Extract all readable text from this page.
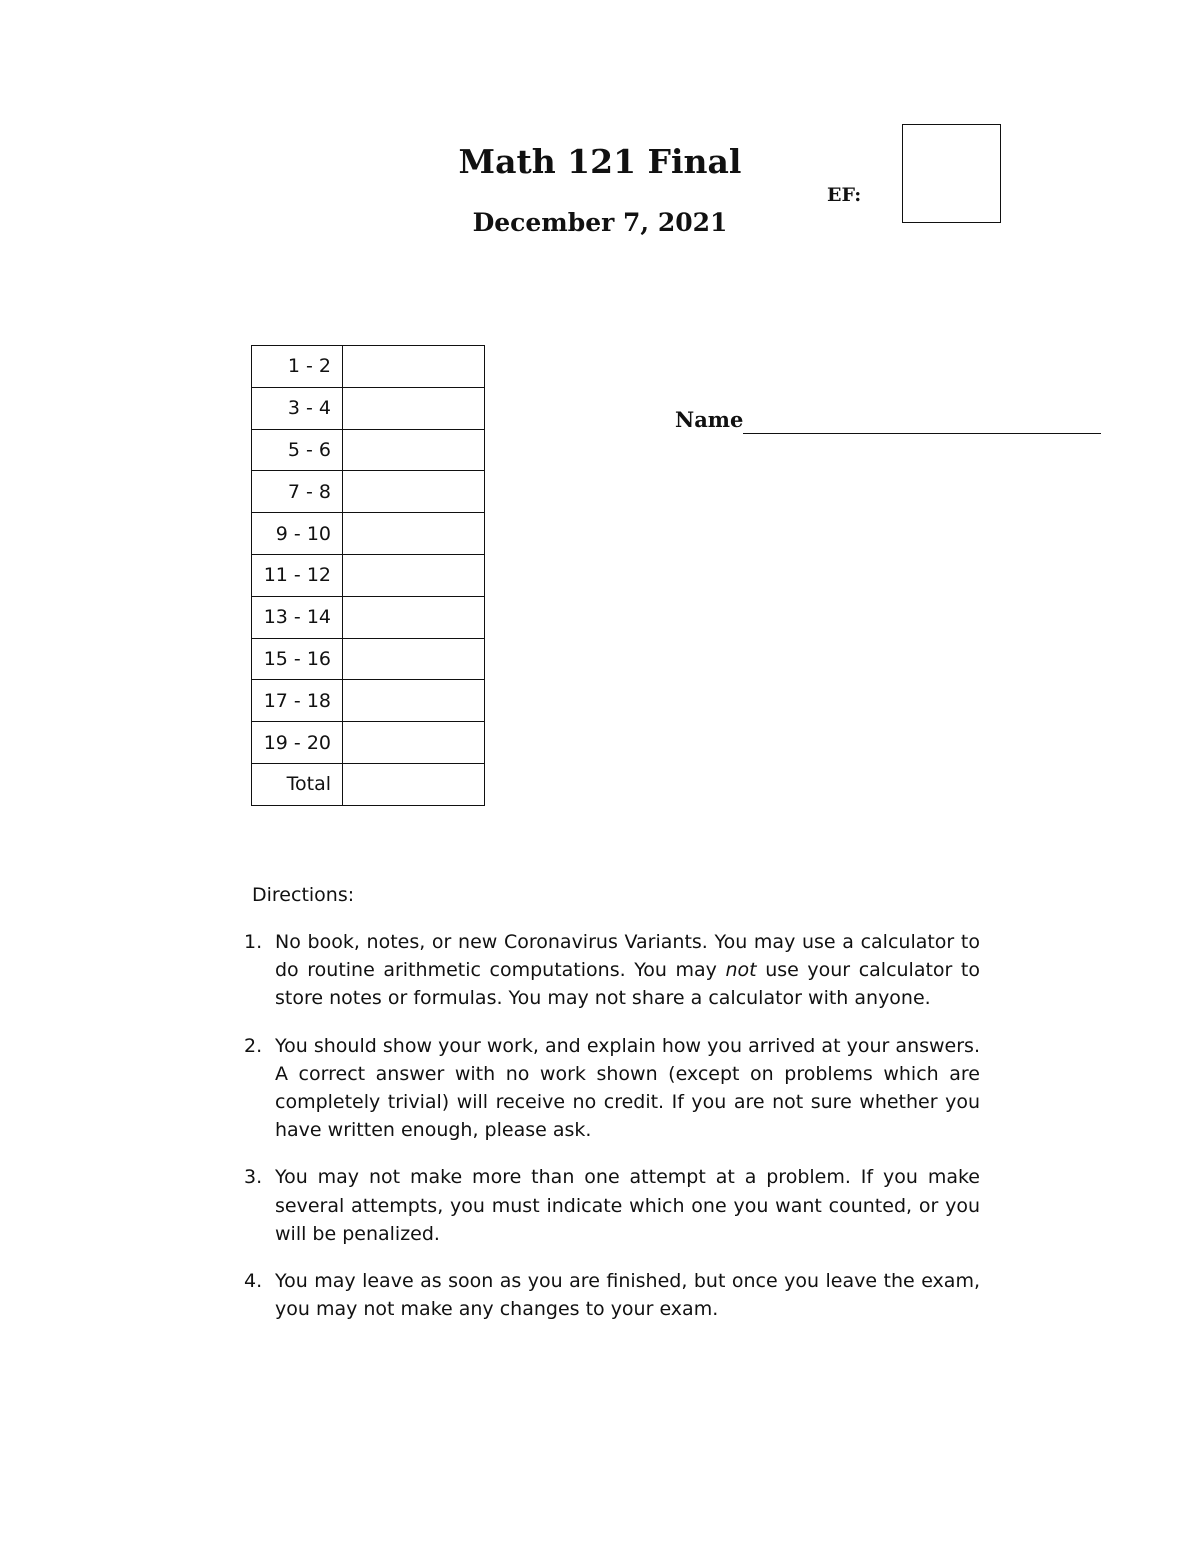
Math 121 Final
December 7, 2021
EF:
1 - 2	
3 - 4	
5 - 6	
7 - 8	
9 - 10	
11 - 12	
13 - 14	
15 - 16	
17 - 18	
19 - 20	
Total	
Name
Directions:
1. No book, notes, or new Coronavirus Variants. You may use a calculator to do routine arithmetic computations. You may not use your calculator to store notes or formulas. You may not share a calculator with anyone.
2. You should show your work, and explain how you arrived at your answers. A correct answer with no work shown (except on problems which are completely trivial) will receive no credit. If you are not sure whether you have written enough, please ask.
3. You may not make more than one attempt at a problem. If you make several attempts, you must indicate which one you want counted, or you will be penalized.
4. You may leave as soon as you are finished, but once you leave the exam, you may not make any changes to your exam.
